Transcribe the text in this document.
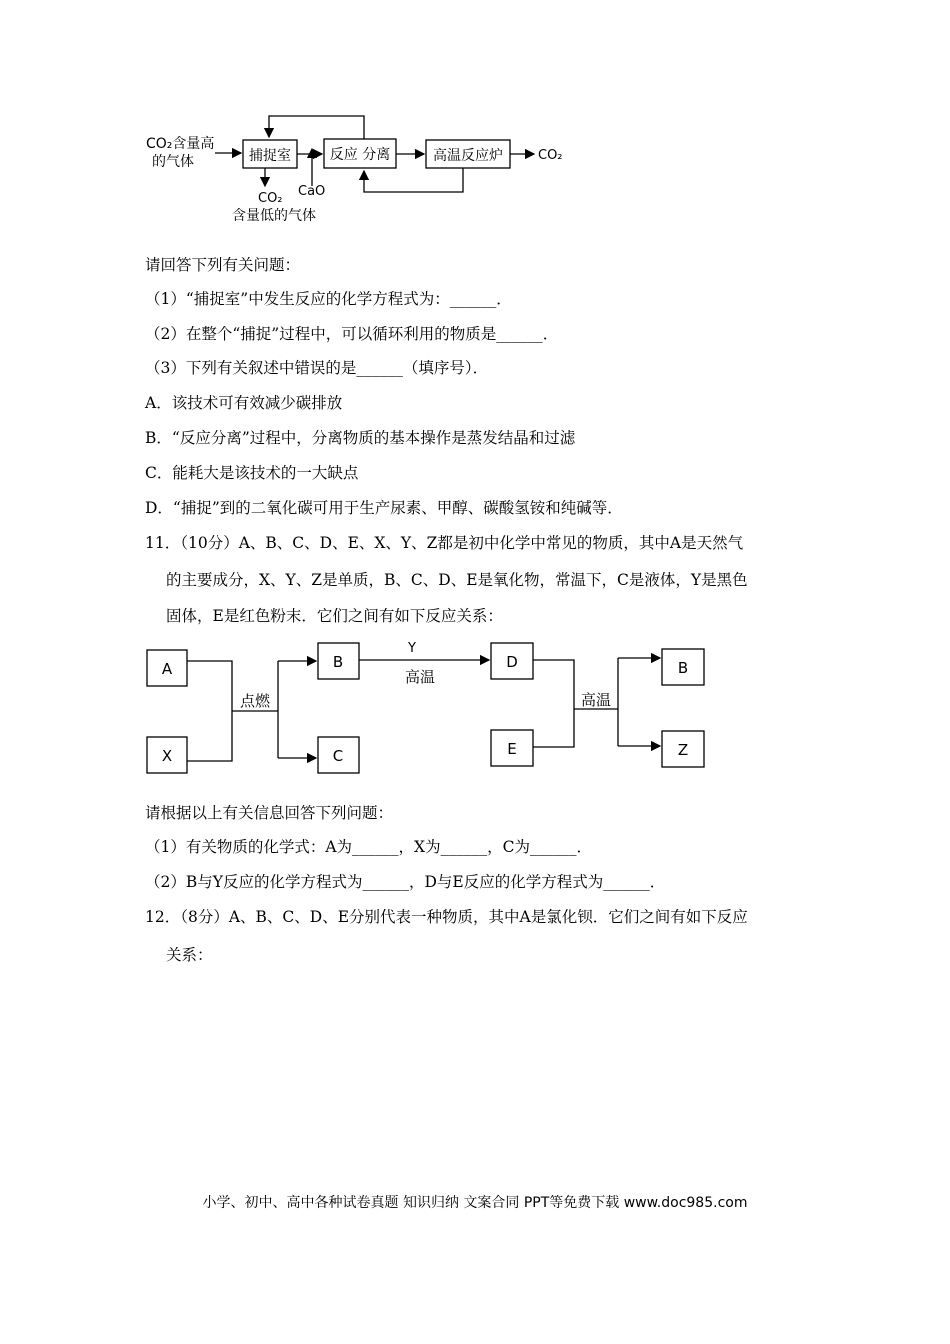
CO₂含量高
的气体	捕捉室
CaO
反应 分离	高温反应炉	CO₂
CO₂
含量低的气体
请回答下列有关问题：
（1）“捕捉室”中发生反应的化学方程式为：______．
（2）在整个“捕捉”过程中，可以循环利用的物质是______．
（3）下列有关叙述中错误的是______（填序号）．
A．该技术可有效减少碳排放
B．“反应分离”过程中，分离物质的基本操作是蒸发结晶和过滤
C．能耗大是该技术的一大缺点
D．“捕捉”到的二氧化碳可用于生产尿素、甲醇、碳酸氢铵和纯碱等．
11．（10分）A、B、C、D、E、X、Y、Z都是初中化学中常见的物质，其中A是天然气
的主要成分，X、Y、Z是单质，B、C、D、E是氧化物，常温下，C是液体，Y是黑色
固体，E是红色粉末．它们之间有如下反应关系：
A
X
B
C
D
E
B
Z
点燃
Y
高温
高温
请根据以上有关信息回答下列问题：
（1）有关物质的化学式：A为______，X为______，C为______．
（2）B与Y反应的化学方程式为______，D与E反应的化学方程式为______．
12．（8分）A、B、C、D、E分别代表一种物质，其中A是氯化钡．它们之间有如下反应
关系：
小学、初中、高中各种试卷真题 知识归纳 文案合同 PPT等免费下载 www.doc985.com
